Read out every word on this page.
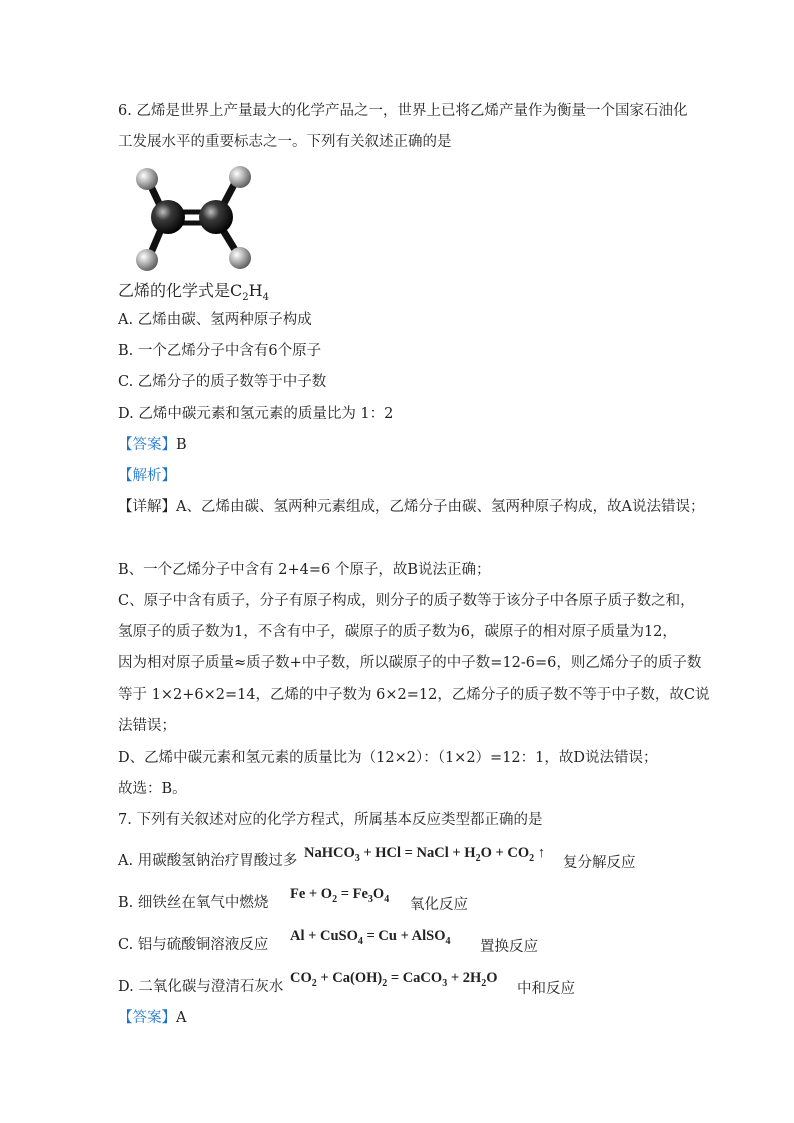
6. 乙烯是世界上产量最大的化学产品之一，世界上已将乙烯产量作为衡量一个国家石油化
工发展水平的重要标志之一。下列有关叙述正确的是
乙烯的化学式是$C_2H_4$
A. 乙烯由碳、氢两种原子构成
B. 一个乙烯分子中含有6个原子
C. 乙烯分子的质子数等于中子数
D. 乙烯中碳元素和氢元素的质量比为 1：2
【答案】B
【解析】
【详解】A、乙烯由碳、氢两种元素组成，乙烯分子由碳、氢两种原子构成，故A说法错误；
B、一个乙烯分子中含有 2+4=6 个原子，故B说法正确；
C、原子中含有质子，分子有原子构成，则分子的质子数等于该分子中各原子质子数之和，
氢原子的质子数为1，不含有中子，碳原子的质子数为6，碳原子的相对原子质量为12，
因为相对原子质量≈质子数+中子数，所以碳原子的中子数=12-6=6，则乙烯分子的质子数
等于 1×2+6×2=14，乙烯的中子数为 6×2=12，乙烯分子的质子数不等于中子数，故C说
法错误；
D、乙烯中碳元素和氢元素的质量比为（12×2）：（1×2）=12：1，故D说法错误；
故选：B。
7. 下列有关叙述对应的化学方程式，所属基本反应类型都正确的是
A. 用碳酸氢钠治疗胃酸过多 NaHCO$_3$ + HCl = NaCl + $H_2O + CO_2$ ↑
复分解反应
B. 细铁丝在氧气中燃烧
$Fe + O_2 = Fe_3O_4$ 氧化反应
C. 铝与硫酸铜溶液反应
Al + CuSO$_4$ = Cu + AlSO$_4$ 置换反应
D. 二氧化碳与澄清石灰水
$CO_2 + Ca(OH)_2$ = CaCO$_3$ + $2H_2O$
中和反应
【答案】A
